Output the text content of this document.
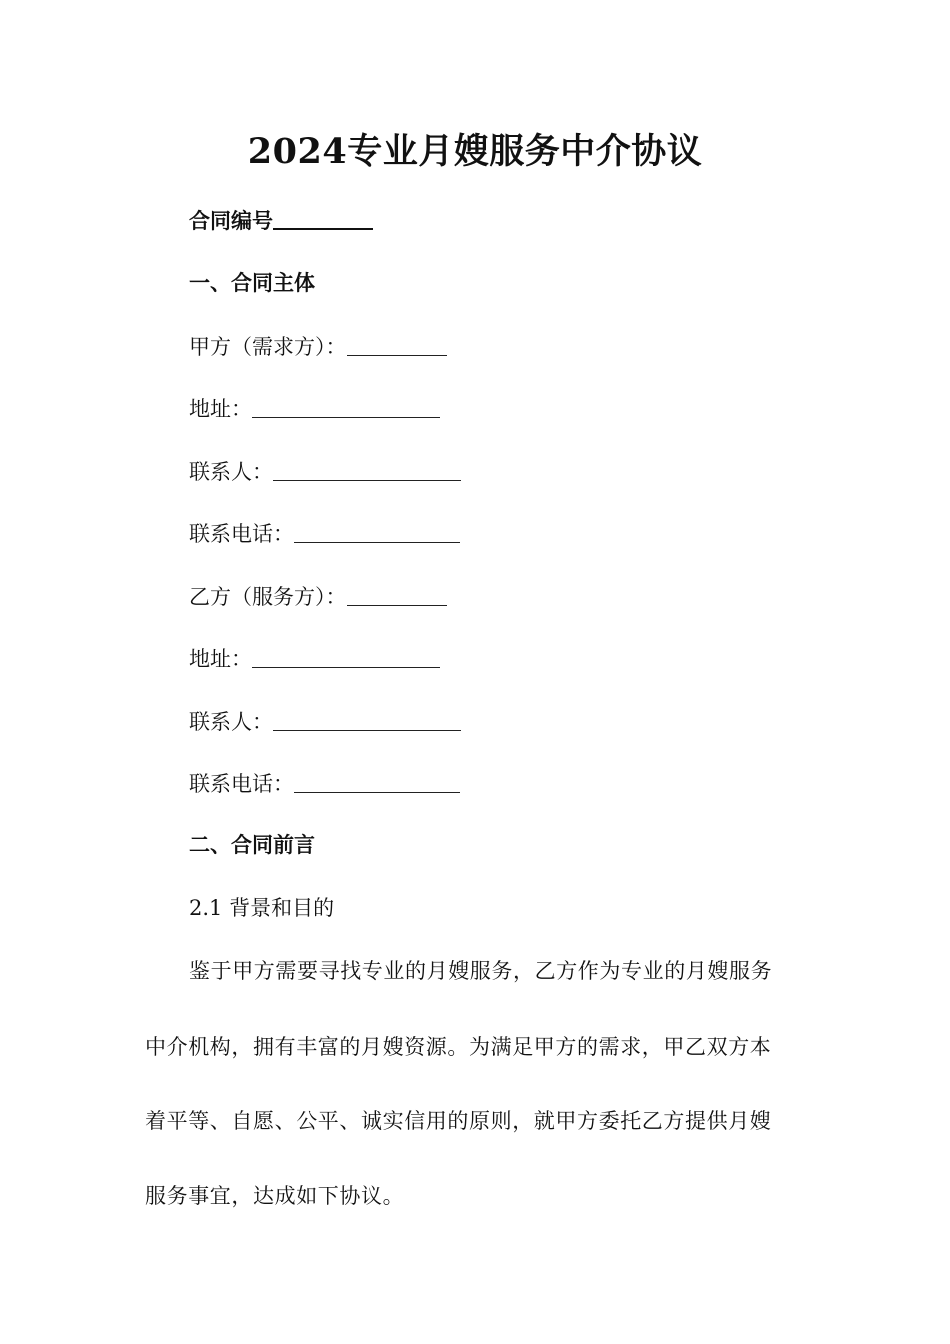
2024专业月嫂服务中介协议
合同编号
一、合同主体
甲方（需求方）：
地址：
联系人：
联系电话：
乙方（服务方）：
地址：
联系人：
联系电话：
二、合同前言
2.1 背景和目的
鉴于甲方需要寻找专业的月嫂服务，乙方作为专业的月嫂服务
中介机构，拥有丰富的月嫂资源。为满足甲方的需求，甲乙双方本
着平等、自愿、公平、诚实信用的原则，就甲方委托乙方提供月嫂
服务事宜，达成如下协议。
